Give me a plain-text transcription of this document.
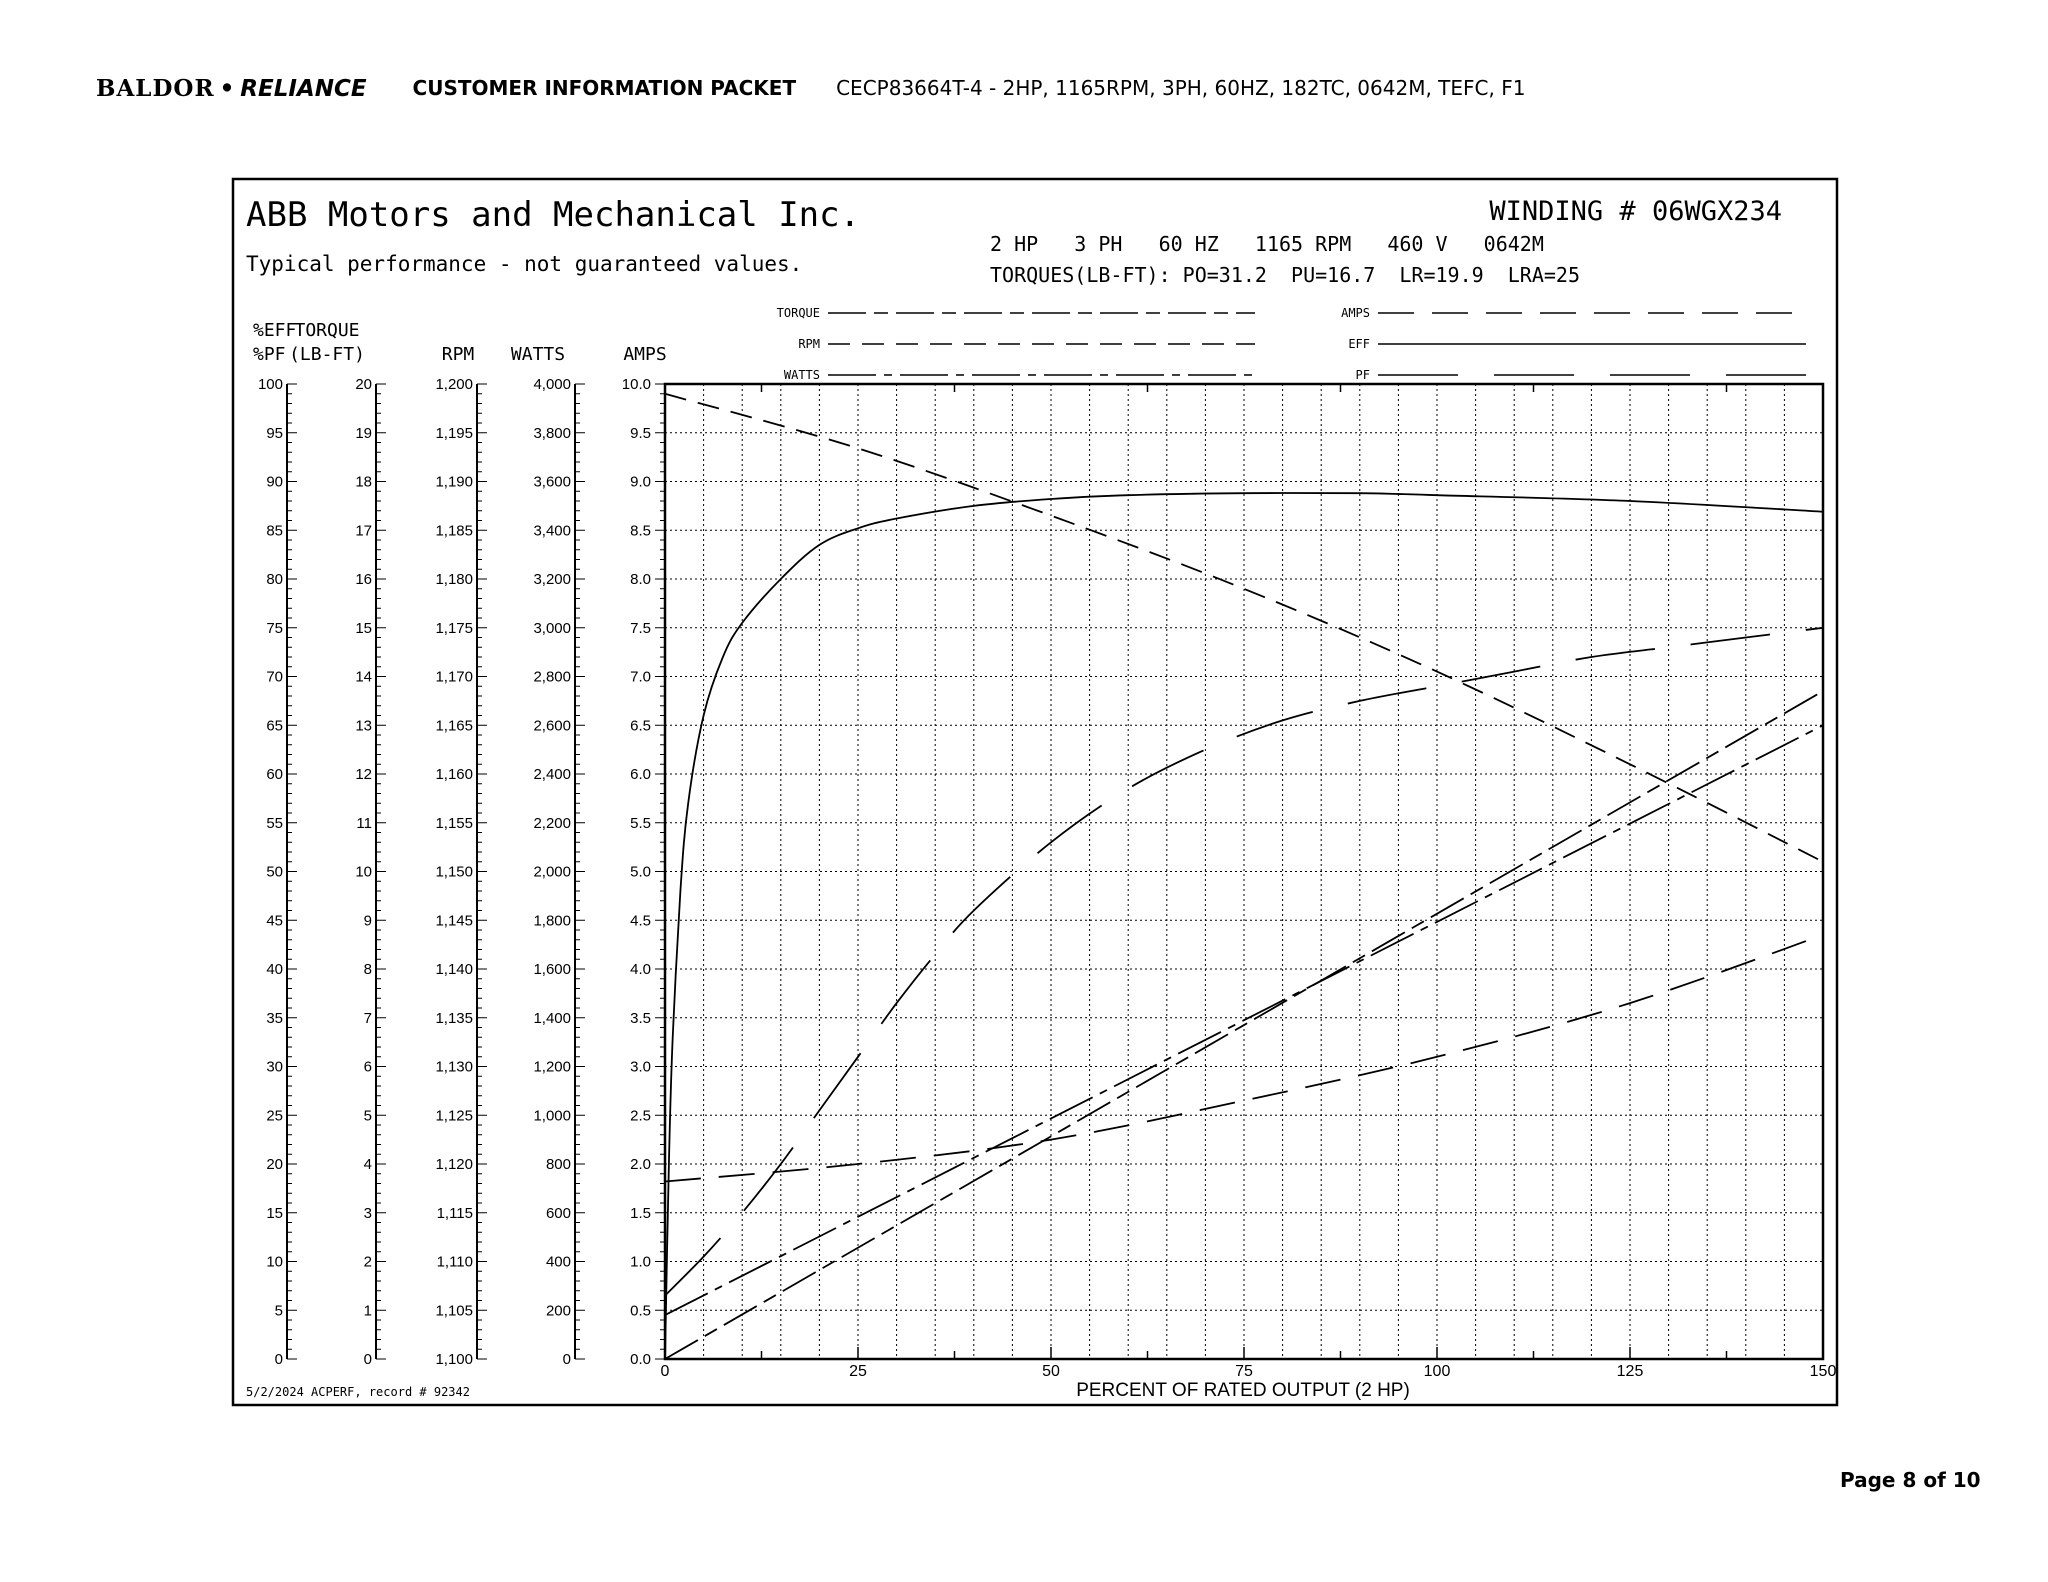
BALDOR • RELIANCE CUSTOMER INFORMATION PACKET CECP83664T-4 - 2HP, 1165RPM, 3PH, 60HZ, 182TC, 0642M, TEFC, F1
ABB Motors and Mechanical Inc.
Typical performance - not guaranteed values.
WINDING # 06WGX234
2 HP   3 PH   60 HZ   1165 RPM   460 V   0642M
TORQUES(LB-FT): PO=31.2  PU=16.7  LR=19.9  LRA=25
TORQUE
RPM
WATTS
AMPS
EFF
PF
%EFF
%PF
TORQUE
(LB-FT)	RPM WATTS	AMPS
100
95
90
85
80
75
70
65
60
55
50
45
40
35
30
25
20
15
10
5
0
20
19
18
17
16
15
14
13
12
11
10
9
8
7
6
5
4
3
2
1
0
1,200
1,195
1,190
1,185
1,180
1,175
1,170
1,165
1,160
1,155
1,150
1,145
1,140
1,135
1,130
1,125
1,120
1,115
1,110
1,105
1,100
4,000
3,800
3,600
3,400
3,200
3,000
2,800
2,600
2,400
2,200
2,000
1,800
1,600
1,400
1,200
1,000
800
600
400
200
0
10.0
9.5
9.0
8.5
8.0
7.5
7.0
6.5
6.0
5.5
5.0
4.5
4.0
3.5
3.0
2.5
2.0
1.5
1.0
0.5
0.0
0	25	50	75	100	125	150
PERCENT OF RATED OUTPUT (2 HP)
5/2/2024 ACPERF, record # 92342
Page 8 of 10
